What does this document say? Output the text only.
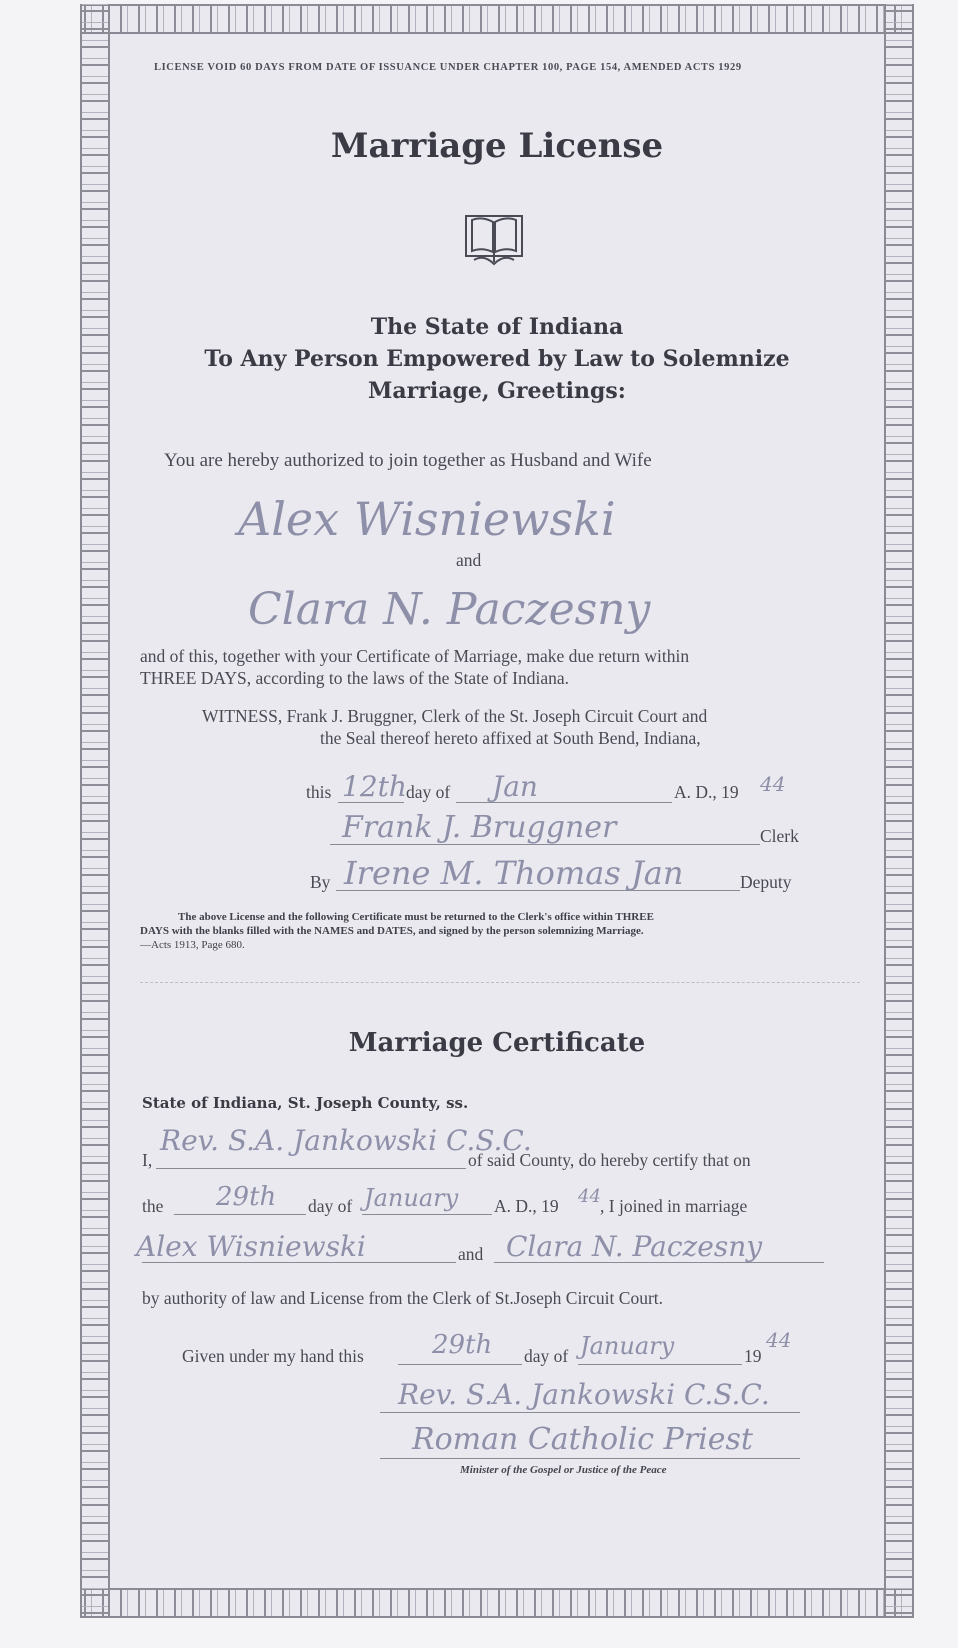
LICENSE VOID 60 DAYS FROM DATE OF ISSUANCE UNDER CHAPTER 100, PAGE 154, AMENDED ACTS 1929
Marriage License
The State of Indiana
To Any Person Empowered by Law to Solemnize
Marriage, Greetings:
You are hereby authorized to join together as Husband and Wife
Alex Wisniewski
and
Clara N. Paczesny
and of this, together with your Certificate of Marriage, make due return within
THREE DAYS, according to the laws of the State of Indiana.
WITNESS, Frank J. Bruggner, Clerk of the St. Joseph Circuit Court and
the Seal thereof hereto affixed at South Bend, Indiana,
this 12th day of Jan	A. D., 19 44
Frank J. Bruggner	Clerk
By Irene M. Thomas Jan	Deputy
The above License and the following Certificate must be returned to the Clerk's office within THREE
DAYS with the blanks filled with the NAMES and DATES, and signed by the person solemnizing Marriage.
—Acts 1913, Page 680.
Marriage Certificate
State of Indiana, St. Joseph County, ss.
I,
Rev. S.A. Jankowski C.S.C.
of said County, do hereby certify that on
the 29th day of January A. D., 19 44 , I joined in marriage
Alex Wisniewski	and Clara N. Paczesny
by authority of law and License from the Clerk of St.Joseph Circuit Court.
Given under my hand this	29th day of January	19
44
Rev. S.A. Jankowski C.S.C.
Roman Catholic Priest
Minister of the Gospel or Justice of the Peace
